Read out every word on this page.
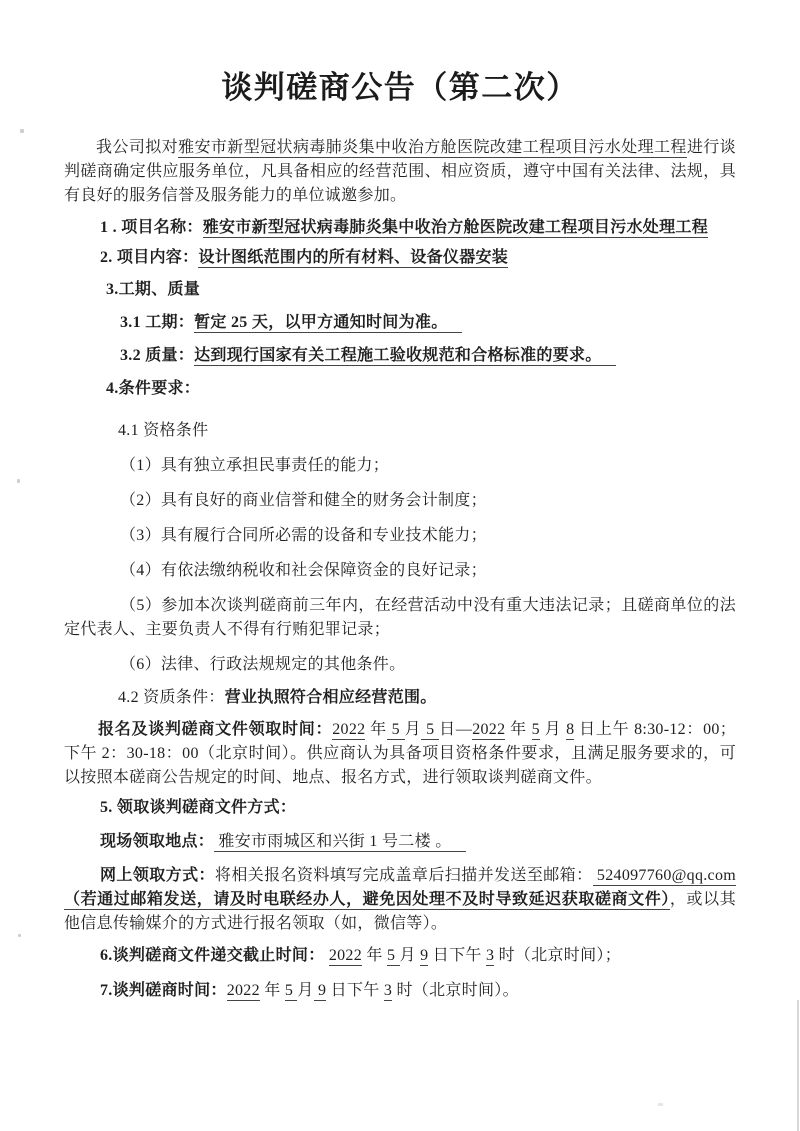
谈判磋商公告（第二次）

我公司拟对雅安市新型冠状病毒肺炎集中收治方舱医院改建工程项目污水处理工程进行谈判磋商确定供应服务单位，凡具备相应的经营范围、相应资质，遵守中国有关法律、法规，具有良好的服务信誉及服务能力的单位诚邀参加。

1 . 项目名称：雅安市新型冠状病毒肺炎集中收治方舱医院改建工程项目污水处理工程

2. 项目内容：设计图纸范围内的所有材料、设备仪器安装

3.工期、质量

3.1 工期：暂定 25 天，以甲方通知时间为准。

3.2 质量：达到现行国家有关工程施工验收规范和合格标准的要求。

4.条件要求：

4.1 资格条件

（1）具有独立承担民事责任的能力；

（2）具有良好的商业信誉和健全的财务会计制度；

（3）具有履行合同所必需的设备和专业技术能力；

（4）有依法缴纳税收和社会保障资金的良好记录；

（5）参加本次谈判磋商前三年内，在经营活动中没有重大违法记录；且磋商单位的法定代表人、主要负责人不得有行贿犯罪记录；

（6）法律、行政法规规定的其他条件。

4.2 资质条件：营业执照符合相应经营范围。

报名及谈判磋商文件领取时间：2022 年 5 月 5 日—2022 年 5 月 8 日上午 8:30-12：00；下午 2：30-18：00（北京时间）。供应商认为具备项目资格条件要求，且满足服务要求的，可以按照本磋商公告规定的时间、地点、报名方式，进行领取谈判磋商文件。

5. 领取谈判磋商文件方式：

现场领取地点： 雅安市雨城区和兴街 1 号二楼 。

网上领取方式：将相关报名资料填写完成盖章后扫描并发送至邮箱： 524097760@qq.com（若通过邮箱发送，请及时电联经办人，避免因处理不及时导致延迟获取磋商文件），或以其他信息传输媒介的方式进行报名领取（如，微信等）。

6.谈判磋商文件递交截止时间： 2022 年 5 月 9 日下午 3 时（北京时间）；

7.谈判磋商时间：2022 年 5 月 9 日下午 3 时（北京时间）。
